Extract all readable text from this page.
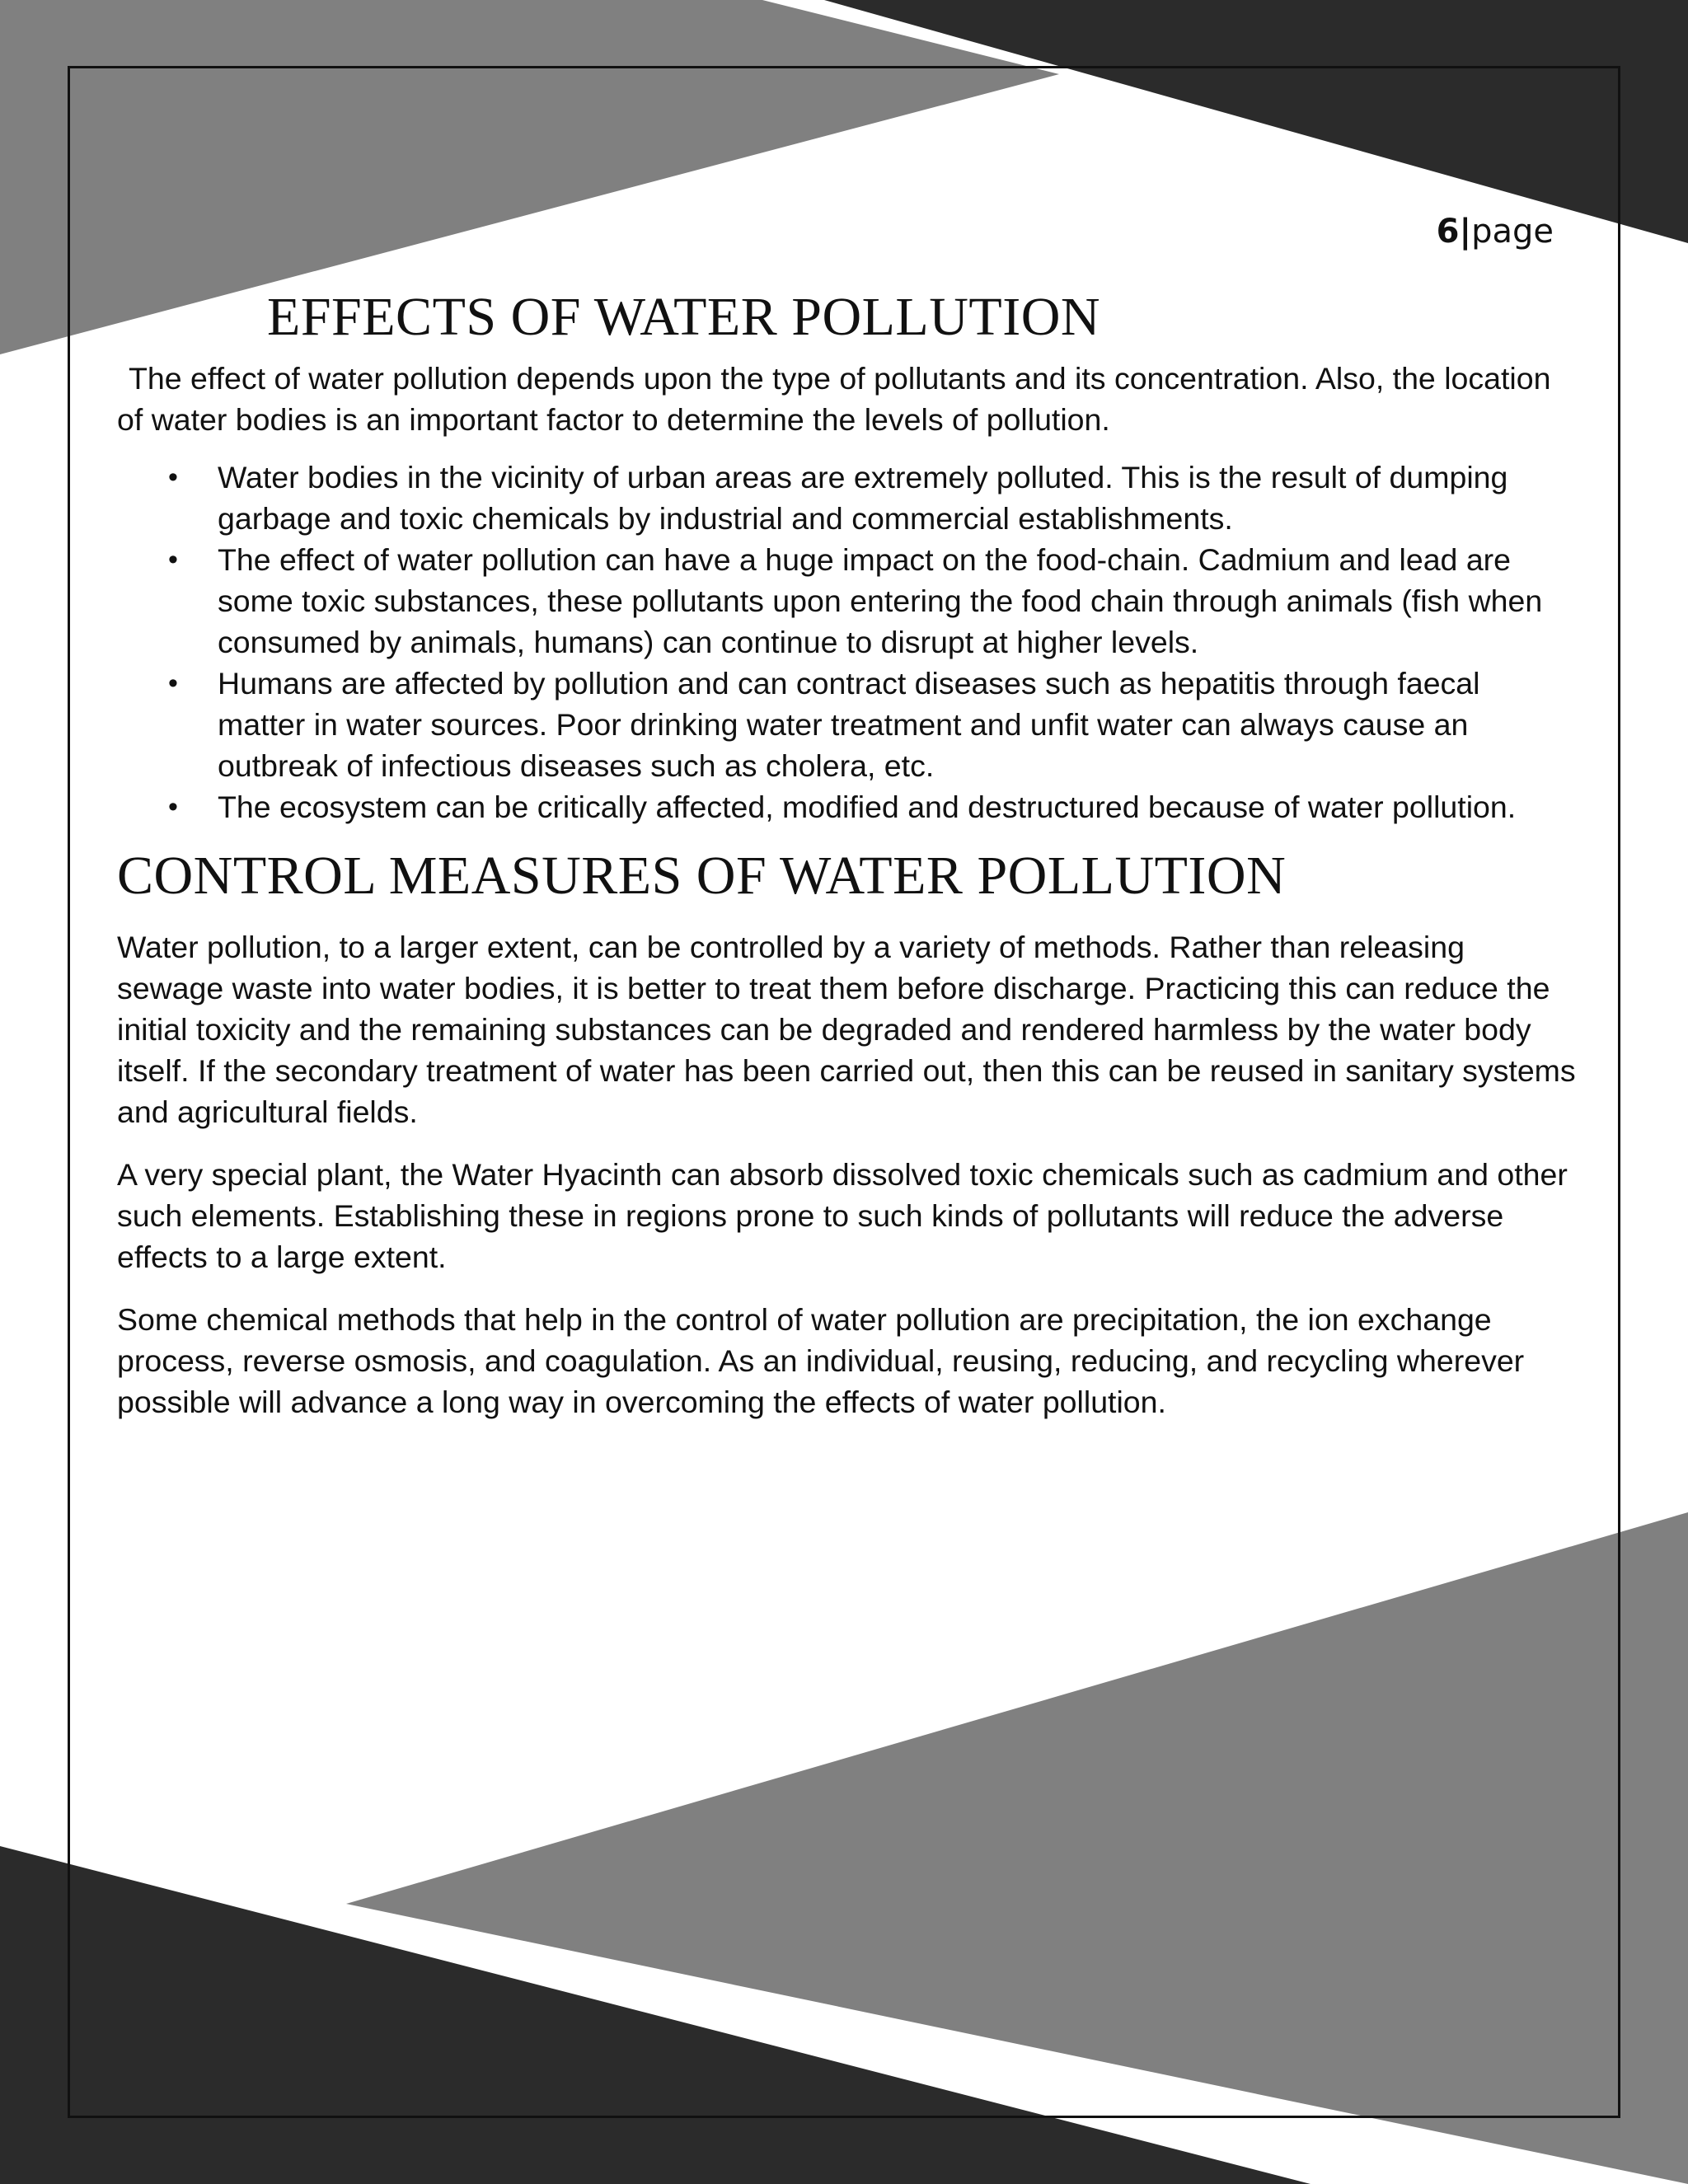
6|page
EFFECTS OF WATER POLLUTION

The effect of water pollution depends upon the type of pollutants and its concentration. Also, the location of water bodies is an important factor to determine the levels of pollution.

• Water bodies in the vicinity of urban areas are extremely polluted. This is the result of dumping garbage and toxic chemicals by industrial and commercial establishments.
• The effect of water pollution can have a huge impact on the food-chain. Cadmium and lead are some toxic substances, these pollutants upon entering the food chain through animals (fish when consumed by animals, humans) can continue to disrupt at higher levels.
• Humans are affected by pollution and can contract diseases such as hepatitis through faecal matter in water sources. Poor drinking water treatment and unfit water can always cause an outbreak of infectious diseases such as cholera, etc.
• The ecosystem can be critically affected, modified and destructured because of water pollution.
CONTROL MEASURES OF WATER POLLUTION

Water pollution, to a larger extent, can be controlled by a variety of methods. Rather than releasing sewage waste into water bodies, it is better to treat them before discharge. Practicing this can reduce the initial toxicity and the remaining substances can be degraded and rendered harmless by the water body itself. If the secondary treatment of water has been carried out, then this can be reused in sanitary systems and agricultural fields.

A very special plant, the Water Hyacinth can absorb dissolved toxic chemicals such as cadmium and other such elements. Establishing these in regions prone to such kinds of pollutants will reduce the adverse effects to a large extent.

Some chemical methods that help in the control of water pollution are precipitation, the ion exchange process, reverse osmosis, and coagulation. As an individual, reusing, reducing, and recycling wherever possible will advance a long way in overcoming the effects of water pollution.
